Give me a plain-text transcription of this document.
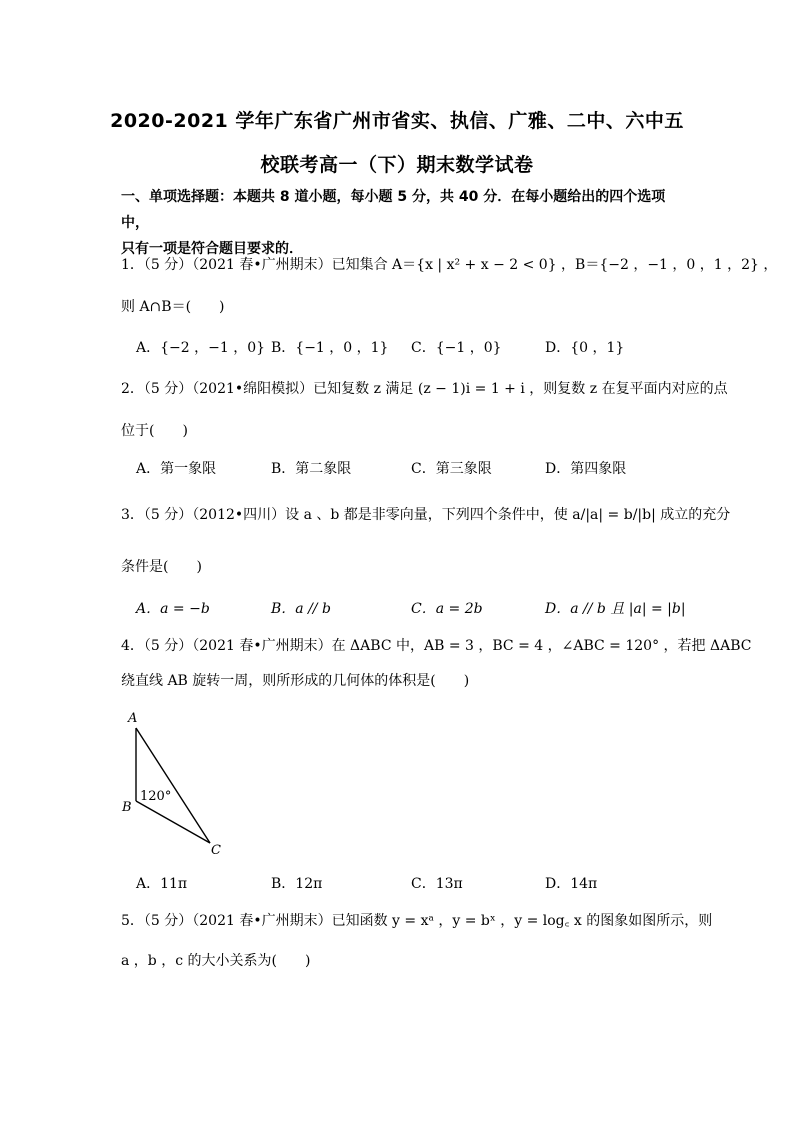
2020-2021 学年广东省广州市省实、执信、广雅、二中、六中五
校联考高一（下）期末数学试卷
一、单项选择题：本题共 8 道小题，每小题 5 分，共 40 分．在每小题给出的四个选项中，
只有一项是符合题目要求的．
1．（5 分）（2021 春•广州期末）已知集合 A＝{x | x² + x − 2 < 0} ，B＝{−2 ，−1 ，0 ，1 ，2} ，
则 A∩B＝(　　)
A．{−2 ，−1 ，0} B．{−1 ，0 ，1} C．{−1 ，0}	D．{0 ，1}
2．（5 分）（2021•绵阳模拟）已知复数 z 满足 (z − 1)i = 1 + i ，则复数 z 在复平面内对应的点
位于(　　)
A．第一象限	B．第二象限	C．第三象限	D．第四象限
3．（5 分）（2012•四川）设 a 、b 都是非零向量，下列四个条件中，使 a/|a| = b/|b| 成立的充分
条件是(　　)
A．a = −b	B．a // b	C．a = 2b	D．a // b 且 |a| = |b|
4．（5 分）（2021 春•广州期末）在 ΔABC 中，AB = 3 ，BC = 4 ，∠ABC = 120° ，若把 ΔABC
绕直线 AB 旋转一周，则所形成的几何体的体积是(　　)
A
B
C
120°
A．11π	B．12π	C．13π	D．14π
5．（5 分）（2021 春•广州期末）已知函数 y = xᵃ ，y = bˣ ，y = log꜀ x 的图象如图所示，则
a ，b ，c 的大小关系为(　　)
